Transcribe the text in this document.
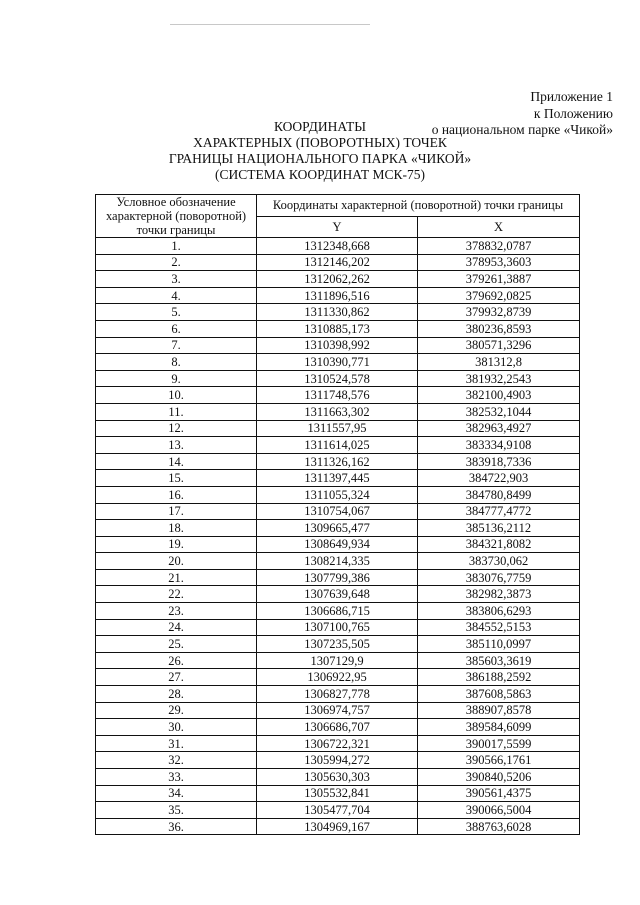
Приложение 1
к Положению
о национальном парке «Чикой»
КООРДИНАТЫ
ХАРАКТЕРНЫХ (ПОВОРОТНЫХ) ТОЧЕК
ГРАНИЦЫ НАЦИОНАЛЬНОГО ПАРКА «ЧИКОЙ»
(СИСТЕМА КООРДИНАТ МСК-75)
Условное обозначение
характерной (поворотной)
точки границы	Координаты характерной (поворотной) точки границы	
	Y	X
1.	1312348,668	378832,0787
2.	1312146,202	378953,3603
3.	1312062,262	379261,3887
4.	1311896,516	379692,0825
5.	1311330,862	379932,8739
6.	1310885,173	380236,8593
7.	1310398,992	380571,3296
8.	1310390,771	381312,8
9.	1310524,578	381932,2543
10.	1311748,576	382100,4903
11.	1311663,302	382532,1044
12.	1311557,95	382963,4927
13.	1311614,025	383334,9108
14.	1311326,162	383918,7336
15.	1311397,445	384722,903
16.	1311055,324	384780,8499
17.	1310754,067	384777,4772
18.	1309665,477	385136,2112
19.	1308649,934	384321,8082
20.	1308214,335	383730,062
21.	1307799,386	383076,7759
22.	1307639,648	382982,3873
23.	1306686,715	383806,6293
24.	1307100,765	384552,5153
25.	1307235,505	385110,0997
26.	1307129,9	385603,3619
27.	1306922,95	386188,2592
28.	1306827,778	387608,5863
29.	1306974,757	388907,8578
30.	1306686,707	389584,6099
31.	1306722,321	390017,5599
32.	1305994,272	390566,1761
33.	1305630,303	390840,5206
34.	1305532,841	390561,4375
35.	1305477,704	390066,5004
36.	1304969,167	388763,6028
